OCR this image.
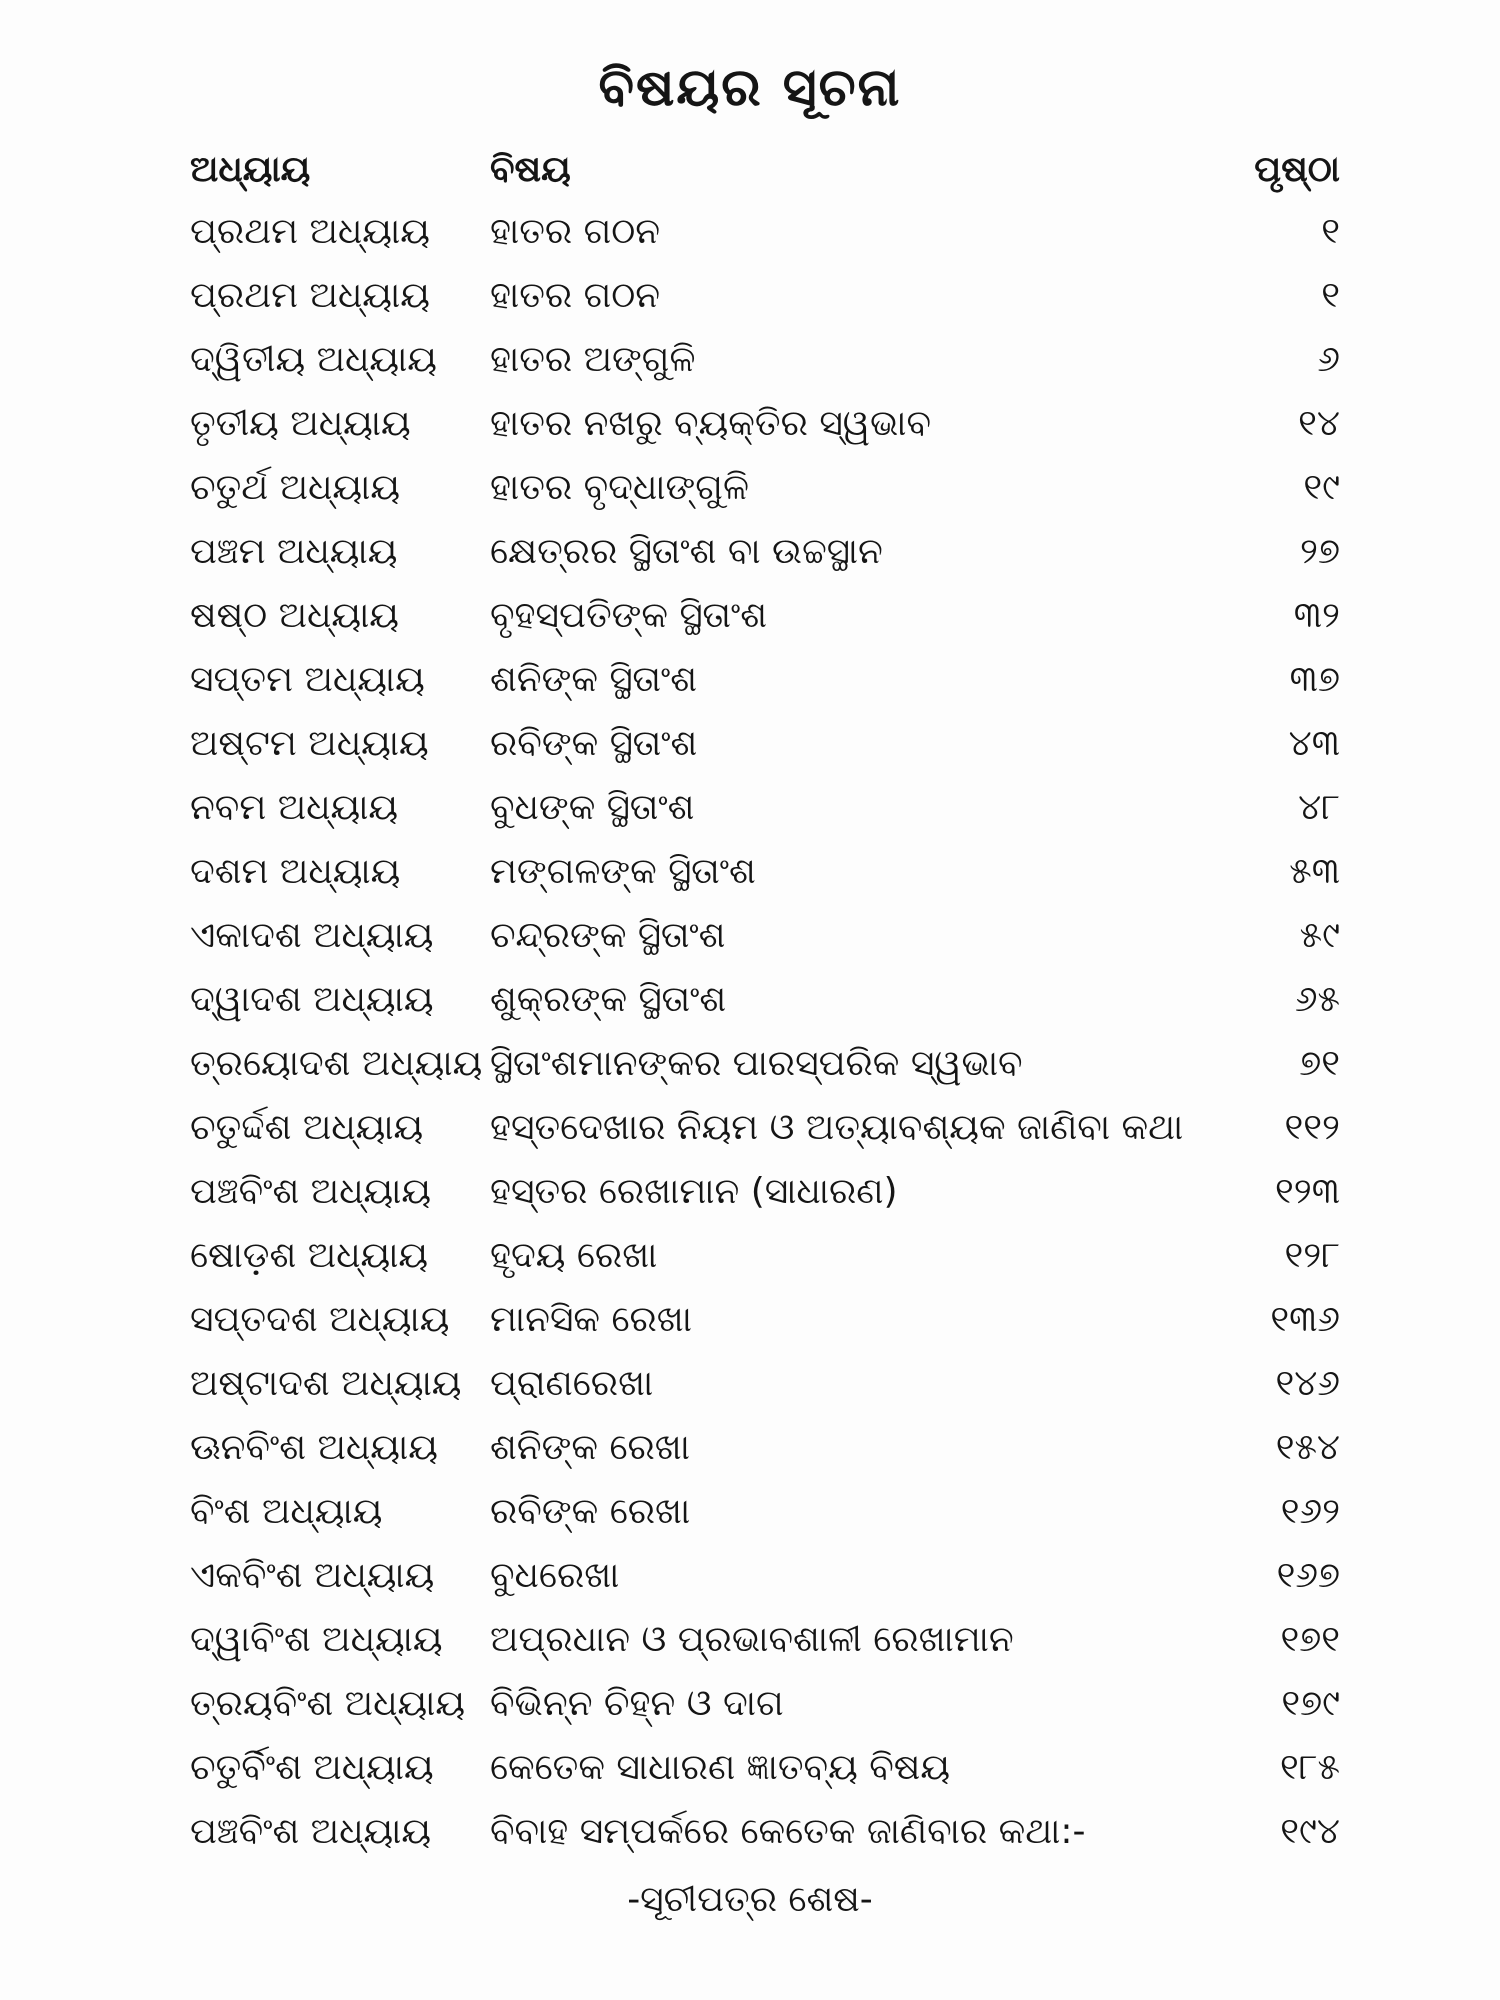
ବିଷୟର ସୂଚନା
ଅଧ୍ୟାୟ	ବିଷୟ	ପୃଷ୍ଠା
ପ୍ରଥମ ଅଧ୍ୟାୟ ହାତର ଗଠନ	୧
ପ୍ରଥମ ଅଧ୍ୟାୟ ହାତର ଗଠନ	୧
ଦ୍ୱିତୀୟ ଅଧ୍ୟାୟ ହାତର ଅଙ୍ଗୁଳି	୬
ତୃତୀୟ ଅଧ୍ୟାୟ ହାତର ନଖରୁ ବ୍ୟକ୍ତିର ସ୍ୱଭାବ	୧୪
ଚତୁର୍ଥ ଅଧ୍ୟାୟ ହାତର ବୃଦ୍ଧାଙ୍ଗୁଳି	୧୯
ପଞ୍ଚମ ଅଧ୍ୟାୟ	କ୍ଷେତ୍ରର ସ୍ଥିତାଂଶ ବା ଉଚ୍ଚସ୍ଥାନ	୨୭
ଷଷ୍ଠ ଅଧ୍ୟାୟ	ବୃହସ୍ପତିଙ୍କ ସ୍ଥିତାଂଶ	୩୨
ସପ୍ତମ ଅଧ୍ୟାୟ ଶନିଙ୍କ ସ୍ଥିତାଂଶ	୩୭
ଅଷ୍ଟମ ଅଧ୍ୟାୟ ରବିଙ୍କ ସ୍ଥିତାଂଶ	୪୩
ନବମ ଅଧ୍ୟାୟ	ବୁଧଙ୍କ ସ୍ଥିତାଂଶ	୪୮
ଦଶମ ଅଧ୍ୟାୟ ମଙ୍ଗଳଙ୍କ ସ୍ଥିତାଂଶ	୫୩
ଏକାଦଶ ଅଧ୍ୟାୟ ଚନ୍ଦ୍ରଙ୍କ ସ୍ଥିତାଂଶ	୫୯
ଦ୍ୱାଦଶ ଅଧ୍ୟାୟ ଶୁକ୍ରଙ୍କ ସ୍ଥିତାଂଶ	୬୫
ତ୍ରୟୋଦଶ ଅଧ୍ୟାୟ ସ୍ଥିତାଂଶମାନଙ୍କର ପାରସ୍ପରିକ ସ୍ୱଭାବ	୭୧
ଚତୁର୍ଦ୍ଦଶ ଅଧ୍ୟାୟ ହସ୍ତଦେଖାର ନିୟମ ଓ ଅତ୍ୟାବଶ୍ୟକ ଜାଣିବା କଥା	୧୧୨
ପଞ୍ଚବିଂଶ ଅଧ୍ୟାୟ ହସ୍ତର ରେଖାମାନ (ସାଧାରଣ)	୧୨୩
ଷୋଡ଼ଶ ଅଧ୍ୟାୟ ହୃଦୟ ରେଖା	୧୨୮
ସପ୍ତଦଶ ଅଧ୍ୟାୟ ମାନସିକ ରେଖା	୧୩୬
ଅଷ୍ଟାଦଶ ଅଧ୍ୟାୟ ପ୍ରାଣରେଖା	୧୪୬
ଊନବିଂଶ ଅଧ୍ୟାୟ ଶନିଙ୍କ ରେଖା	୧୫୪
ବିଂଶ ଅଧ୍ୟାୟ	ରବିଙ୍କ ରେଖା	୧୬୨
ଏକବିଂଶ ଅଧ୍ୟାୟ ବୁଧରେଖା	୧୬୭
ଦ୍ୱାବିଂଶ ଅଧ୍ୟାୟ ଅପ୍ରଧାନ ଓ ପ୍ରଭାବଶାଳୀ ରେଖାମାନ	୧୭୧
ତ୍ରୟବିଂଶ ଅଧ୍ୟାୟ ବିଭିନ୍ନ ଚିହ୍ନ ଓ ଦାଗ	୧୭୯
ଚତୁର୍ବିଂଶ ଅଧ୍ୟାୟ କେତେକ ସାଧାରଣ ଜ୍ଞାତବ୍ୟ ବିଷୟ	୧୮୫
ପଞ୍ଚବିଂଶ ଅଧ୍ୟାୟ ବିବାହ ସମ୍ପର୍କରେ କେତେକ ଜାଣିବାର କଥା:-	୧୯୪
-ସୂଚୀପତ୍ର ଶେଷ-
